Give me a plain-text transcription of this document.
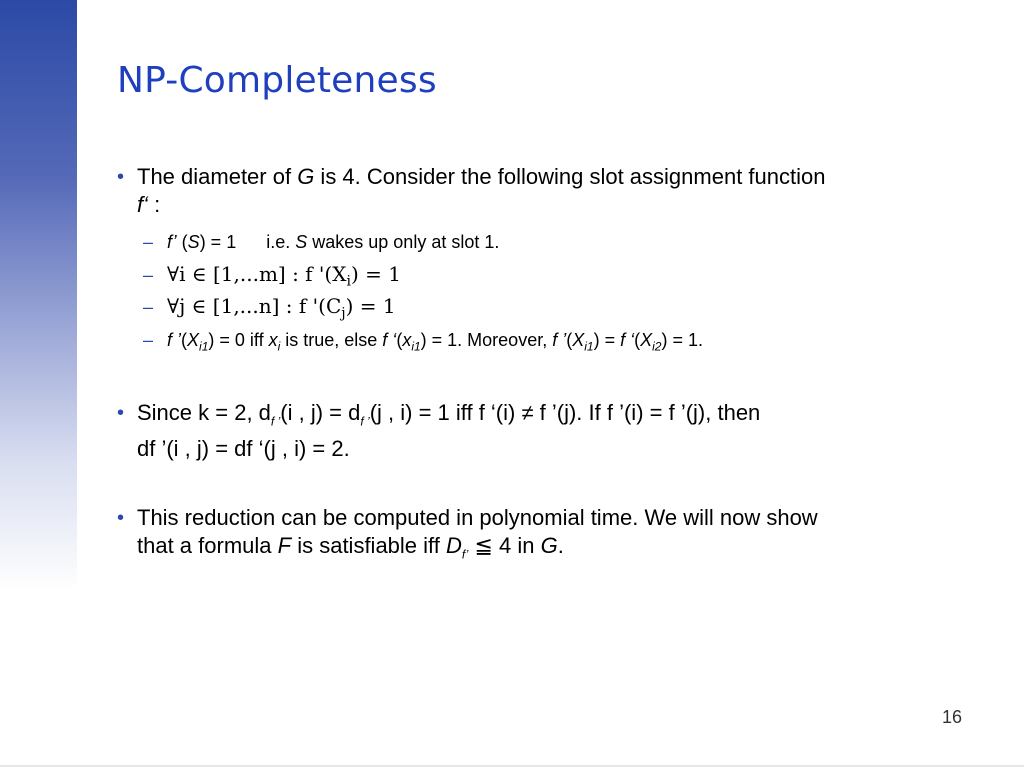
NP-Completeness
• The diameter of G is 4. Consider the following slot assignment function
f‘ :
– f’ (S) = 1      i.e. S wakes up only at slot 1.
– ∀i ∈ [1,...m] : f '$(X_i) = 1$
– ∀j ∈ [1,...n] : f '$(C_j) = 1$
– f $’(X_{i1}) = 0$ iff $x_i$ is true, else f ‘$(x_{i1}) = 1$. Moreover, f $’(X_{i1}) = f$ ‘$(X_{i2}) = 1$.
• Since k = 2, $d_{f ’}(i$ , $j) = d_{f ’}(j$ , i) = 1 iff f ‘(i) ≠ f ’(j). If f ’(i) = f ’(j), then
df ’(i , j) = df ‘(j , i) = 2.
• This reduction can be computed in polynomial time. We will now show
that a formula F is satisfiable iff $D_{f’}$ ≦ 4 in G.
16
